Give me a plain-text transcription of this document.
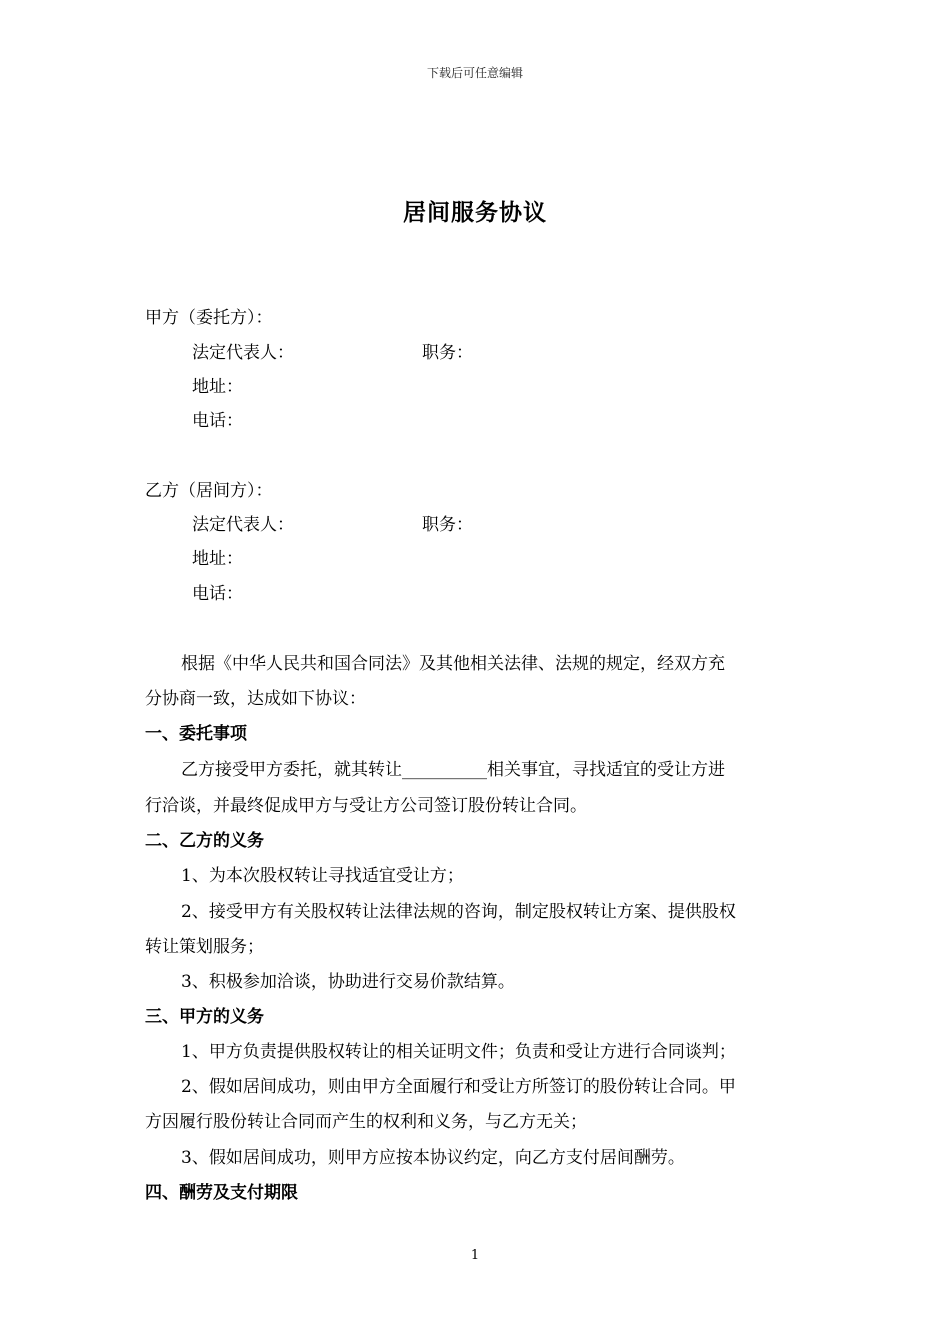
下载后可任意编辑
居间服务协议
甲方（委托方）：
法定代表人：	职务：
地址：
电话：
乙方（居间方）：
法定代表人：	职务：
地址：
电话：
根据《中华人民共和国合同法》及其他相关法律、法规的规定，经双方充
分协商一致，达成如下协议：
一、委托事项
乙方接受甲方委托，就其转让__________相关事宜，寻找适宜的受让方进
行洽谈，并最终促成甲方与受让方公司签订股份转让合同。
二、乙方的义务
1、为本次股权转让寻找适宜受让方；
2、接受甲方有关股权转让法律法规的咨询，制定股权转让方案、提供股权
转让策划服务；
3、积极参加洽谈，协助进行交易价款结算。
三、甲方的义务
1、甲方负责提供股权转让的相关证明文件；负责和受让方进行合同谈判；
2、假如居间成功，则由甲方全面履行和受让方所签订的股份转让合同。甲
方因履行股份转让合同而产生的权利和义务，与乙方无关；
3、假如居间成功，则甲方应按本协议约定，向乙方支付居间酬劳。
四、酬劳及支付期限
1
